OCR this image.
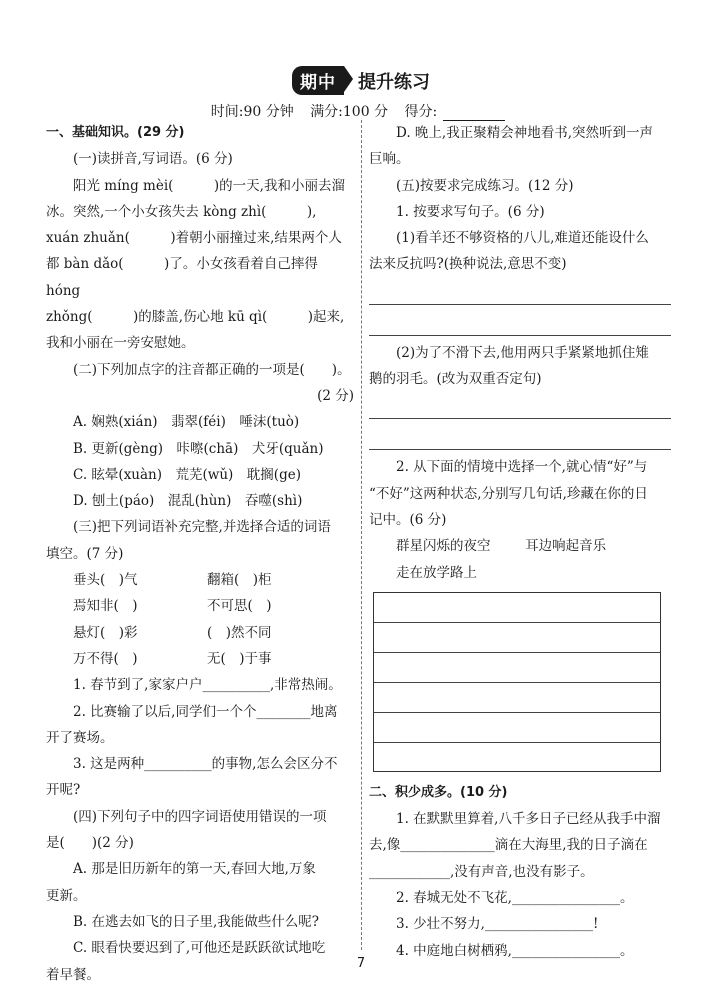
期中	提升练习
时间:90 分钟 满分:100 分 得分:

一、基础知识。(29 分)

(一)读拼音,写词语。(6 分)

阳光 míng mèi(　　　)的一天,我和小丽去溜

冰。突然,一个小女孩失去 kòng zhì(　　　),

xuán zhuǎn(　　　)着朝小丽撞过来,结果两个人

都 bàn dǎo(　　　)了。小女孩看着自己摔得 hóng

zhǒng(　　　)的膝盖,伤心地 kū qì(　　　)起来,

我和小丽在一旁安慰她。

(二)下列加点字的注音都正确的一项是(　　)。

(2 分)

A. 娴熟(xián)　翡翠(féi)　唾沫(tuò)

B. 更新(gèng)　咔嚓(chā)　犬牙(quǎn)

C. 眩晕(xuàn)　荒芜(wǔ)　耽搁(ge)

D. 刨土(páo)　混乱(hùn)　吞噬(shì)

(三)把下列词语补充完整,并选择合适的词语

填空。(7 分)

垂头(　)气	翻箱(　)柜
焉知非(　)	不可思(　)
悬灯(　)彩	(　)然不同
万不得(　)	无(　)于事

1. 春节到了,家家户户__________,非常热闹。

2. 比赛输了以后,同学们一个个________地离

开了赛场。

3. 这是两种__________的事物,怎么会区分不

开呢?

(四)下列句子中的四字词语使用错误的一项

是(　　)(2 分)

A. 那是旧历新年的第一天,春回大地,万象

更新。

B. 在逃去如飞的日子里,我能做些什么呢?

C. 眼看快要迟到了,可他还是跃跃欲试地吃

着早餐。

D. 晚上,我正聚精会神地看书,突然听到一声

巨响。

(五)按要求完成练习。(12 分)

1. 按要求写句子。(6 分)

(1)看羊还不够资格的八儿,难道还能设什么

法来反抗吗?(换种说法,意思不变)

(2)为了不滑下去,他用两只手紧紧地抓住雉

鹅的羽毛。(改为双重否定句)

2. 从下面的情境中选择一个,就心情“好”与

“不好”这两种状态,分别写几句话,珍藏在你的日

记中。(6 分)

群星闪烁的夜空	耳边响起音乐

走在放学路上

二、积少成多。(10 分)

1. 在默默里算着,八千多日子已经从我手中溜

去,像______________滴在大海里,我的日子滴在

____________,没有声音,也没有影子。

2. 春城无处不飞花,________________。

3. 少壮不努力,________________!

4. 中庭地白树栖鸦,________________。

7
